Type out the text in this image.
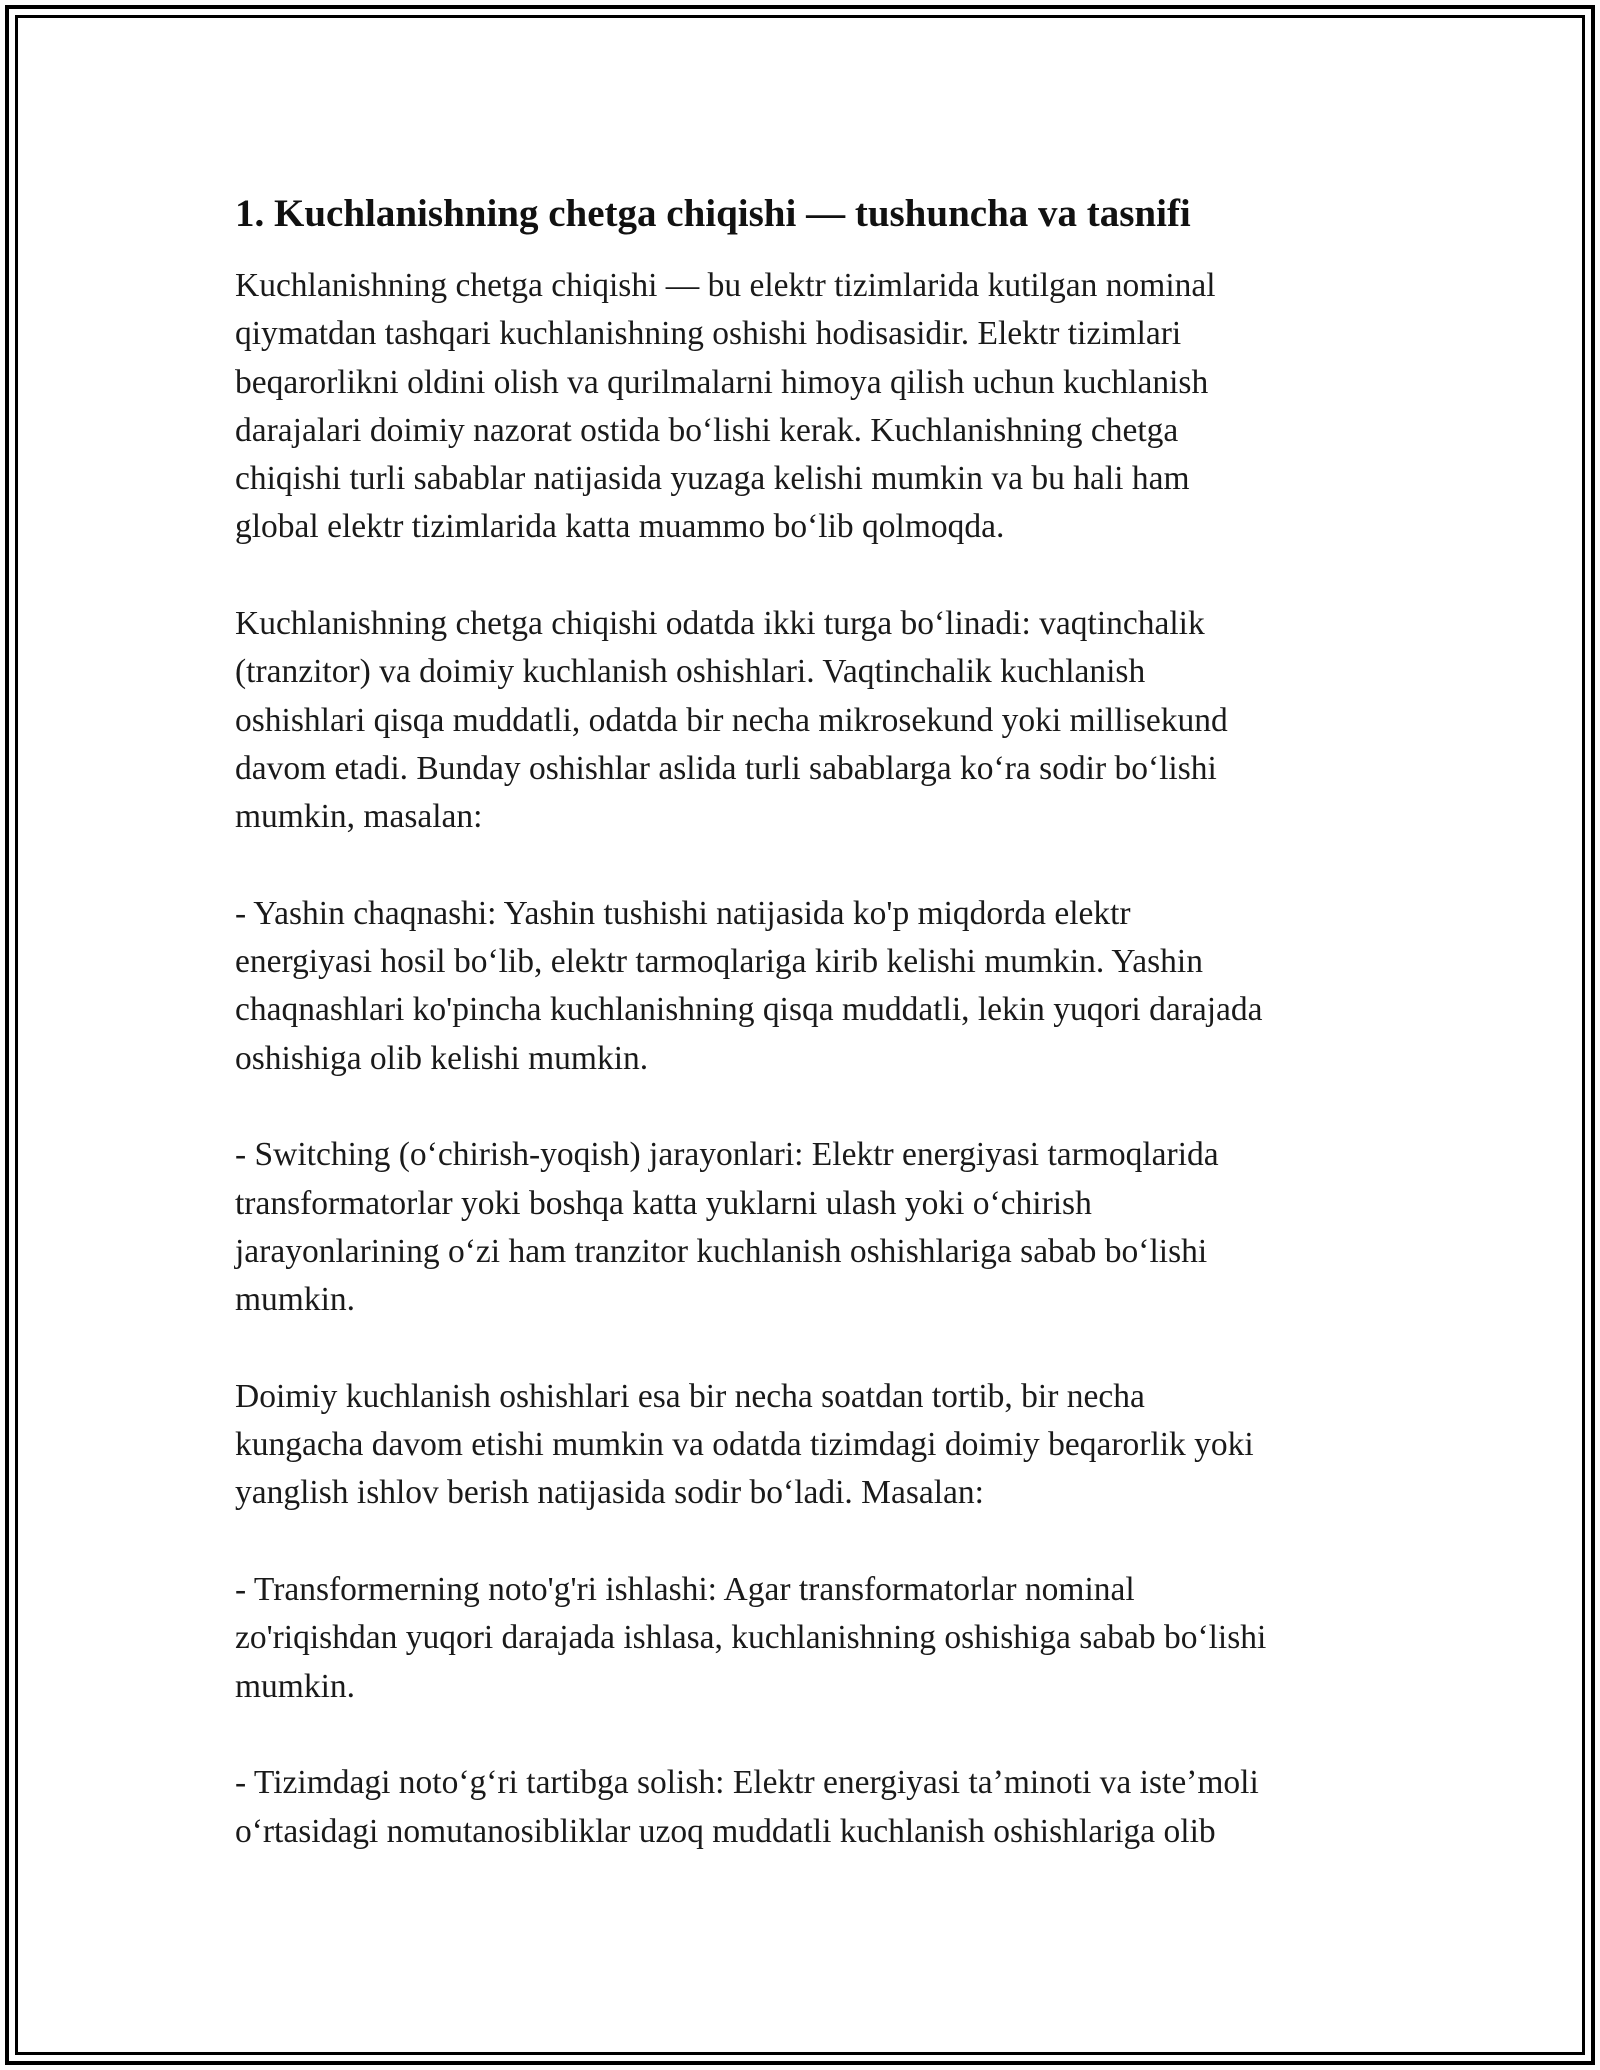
1. Kuchlanishning chetga chiqishi — tushuncha va tasnifi

Kuchlanishning chetga chiqishi — bu elektr tizimlarida kutilgan nominal
qiymatdan tashqari kuchlanishning oshishi hodisasidir. Elektr tizimlari
beqarorlikni oldini olish va qurilmalarni himoya qilish uchun kuchlanish
darajalari doimiy nazorat ostida boʻlishi kerak. Kuchlanishning chetga
chiqishi turli sabablar natijasida yuzaga kelishi mumkin va bu hali ham
global elektr tizimlarida katta muammo boʻlib qolmoqda.

Kuchlanishning chetga chiqishi odatda ikki turga boʻlinadi: vaqtinchalik
(tranzitor) va doimiy kuchlanish oshishlari. Vaqtinchalik kuchlanish
oshishlari qisqa muddatli, odatda bir necha mikrosekund yoki millisekund
davom etadi. Bunday oshishlar aslida turli sabablarga koʻra sodir boʻlishi
mumkin, masalan:

- Yashin chaqnashi: Yashin tushishi natijasida ko'p miqdorda elektr
energiyasi hosil boʻlib, elektr tarmoqlariga kirib kelishi mumkin. Yashin
chaqnashlari ko'pincha kuchlanishning qisqa muddatli, lekin yuqori darajada
oshishiga olib kelishi mumkin.

- Switching (oʻchirish-yoqish) jarayonlari: Elektr energiyasi tarmoqlarida
transformatorlar yoki boshqa katta yuklarni ulash yoki oʻchirish
jarayonlarining oʻzi ham tranzitor kuchlanish oshishlariga sabab boʻlishi
mumkin.

Doimiy kuchlanish oshishlari esa bir necha soatdan tortib, bir necha
kungacha davom etishi mumkin va odatda tizimdagi doimiy beqarorlik yoki
yanglish ishlov berish natijasida sodir boʻladi. Masalan:

- Transformerning noto'g'ri ishlashi: Agar transformatorlar nominal
zo'riqishdan yuqori darajada ishlasa, kuchlanishning oshishiga sabab boʻlishi
mumkin.

- Tizimdagi notoʻgʻri tartibga solish: Elektr energiyasi taʼminoti va isteʼmoli
oʻrtasidagi nomutanosibliklar uzoq muddatli kuchlanish oshishlariga olib
